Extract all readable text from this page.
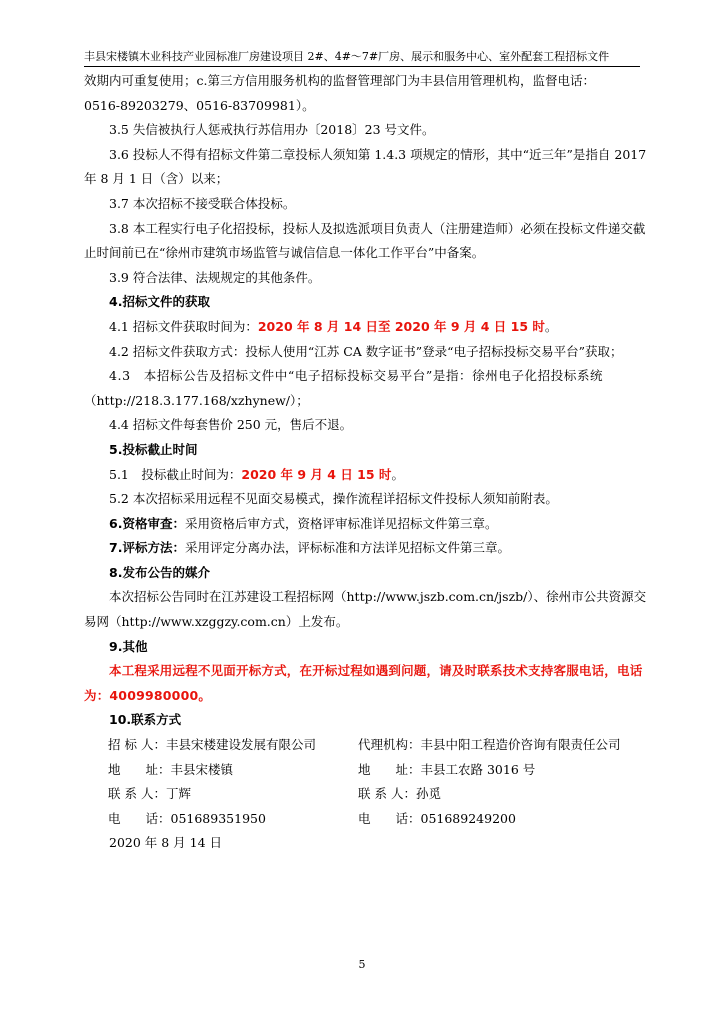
丰县宋楼镇木业科技产业园标准厂房建设项目 2#、4#～7#厂房、展示和服务中心、室外配套工程招标文件

效期内可重复使用；c.第三方信用服务机构的监督管理部门为丰县信用管理机构，监督电话：

0516-89203279、0516-83709981）。

3.5 失信被执行人惩戒执行苏信用办〔2018〕23 号文件。

3.6 投标人不得有招标文件第二章投标人须知第 1.4.3 项规定的情形，其中“近三年”是指自 2017

年 8 月 1 日（含）以来；

3.7 本次招标不接受联合体投标。

3.8 本工程实行电子化招投标，投标人及拟选派项目负责人（注册建造师）必须在投标文件递交截

止时间前已在“徐州市建筑市场监管与诚信信息一体化工作平台”中备案。

3.9 符合法律、法规规定的其他条件。

4.招标文件的获取

4.1 招标文件获取时间为：2020 年 8 月 14 日至 2020 年 9 月 4 日 15 时。

4.2 招标文件获取方式：投标人使用“江苏 CA 数字证书”登录“电子招标投标交易平台”获取；

4.3　本招标公告及招标文件中“电子招标投标交易平台”是指：徐州电子化招投标系统

（http://218.3.177.168/xzhynew/）；

4.4 招标文件每套售价 250 元，售后不退。

5.投标截止时间

5.1　投标截止时间为：2020 年 9 月 4 日 15 时。

5.2 本次招标采用远程不见面交易模式，操作流程详招标文件投标人须知前附表。

6.资格审查：采用资格后审方式，资格评审标准详见招标文件第三章。

7.评标方法：采用评定分离办法，评标标准和方法详见招标文件第三章。

8.发布公告的媒介

本次招标公告同时在江苏建设工程招标网（http://www.jszb.com.cn/jszb/）、徐州市公共资源交

易网（http://www.xzggzy.com.cn）上发布。

9.其他

本工程采用远程不见面开标方式，在开标过程如遇到问题，请及时联系技术支持客服电话，电话

为：4009980000。

10.联系方式

招 标 人：丰县宋楼建设发展有限公司	代理机构：丰县中阳工程造价咨询有限责任公司
地　　址：丰县宋楼镇	地　　址：丰县工农路 3016 号
联 系 人：丁辉	联 系 人：孙觅
电　　话：051689351950	电　　话：051689249200

2020 年 8 月 14 日

5
